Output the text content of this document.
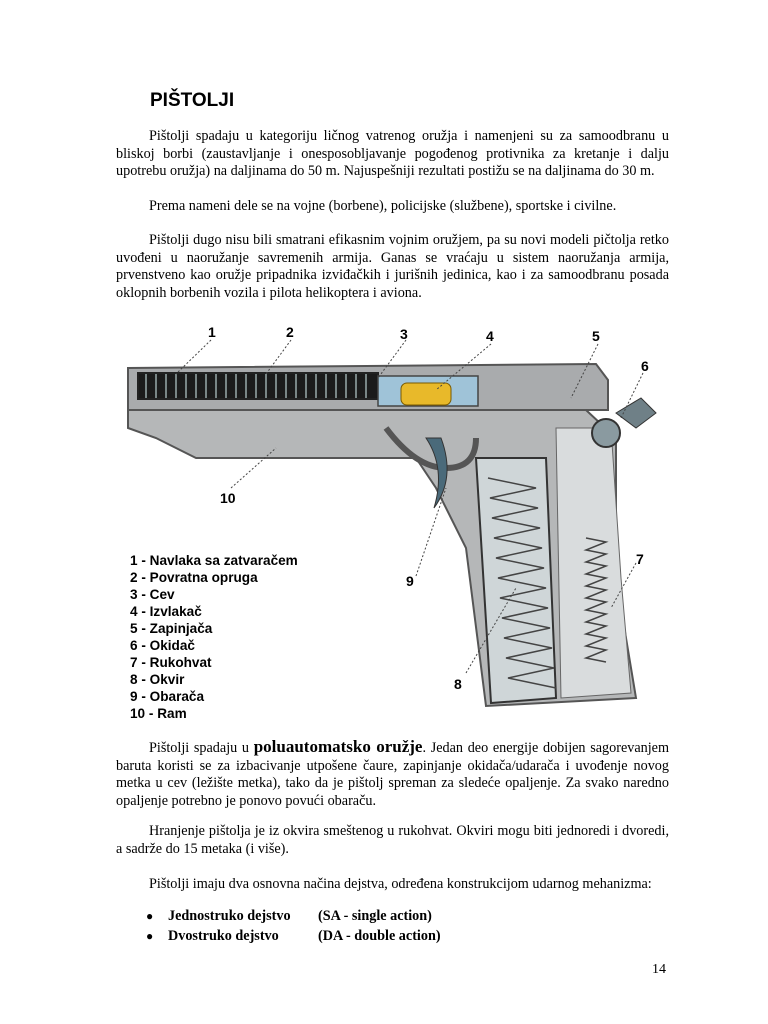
PIŠTOLJI

Pištolji spadaju u kategoriju ličnog vatrenog oružja i namenjeni su za samoodbranu u bliskoj borbi (zaustavljanje i onesposobljavanje pogođenog protivnika za kretanje i dalju upotrebu oružja) na daljinama do 50 m. Najuspešniji rezultati postižu se na daljinama do 30 m.

Prema nameni dele se na vojne (borbene), policijske (službene), sportske i civilne.

Pištolji dugo nisu bili smatrani efikasnim vojnim oružjem, pa su novi modeli pičtolja retko uvođeni u naoružanje savremenih armija. Ganas se vraćaju u sistem naoružanja armija, prvenstveno kao oružje pripadnika izviđačkih i jurišnih jedinica, kao i za samoodbranu posada oklopnih borbenih vozila i pilota helikoptera i aviona.

1	2	3	4	5
6
7
8
9
10
1 - Navlaka sa zatvaračem
2 - Povratna opruga
3 - Cev
4 - Izvlakač
5 - Zapinjača
6 - Okidač
7 - Rukohvat
8 - Okvir
9 - Obarača
10 - Ram

Pištolji spadaju u poluautomatsko oružje. Jedan deo energije dobijen sagorevanjem baruta koristi se za izbacivanje utpošene čaure, zapinjanje okidača/udarača i uvođenje novog metka u cev (ležište metka), tako da je pištolj spreman za sledeće opaljenje. Za svako naredno opaljenje potrebno je ponovo povući obaraču.

Hranjenje pištolja je iz okvira smeštenog u rukohvat. Okviri mogu biti jednoredi i dvoredi, a sadrže do 15 metaka (i više).

Pištolji imaju dva osnovna načina dejstva, određena konstrukcijom udarnog mehanizma:

●	Jednostruko dejstvo	(SA - single action)
●	Dvostruko dejstvo	(DA - double action)
14
